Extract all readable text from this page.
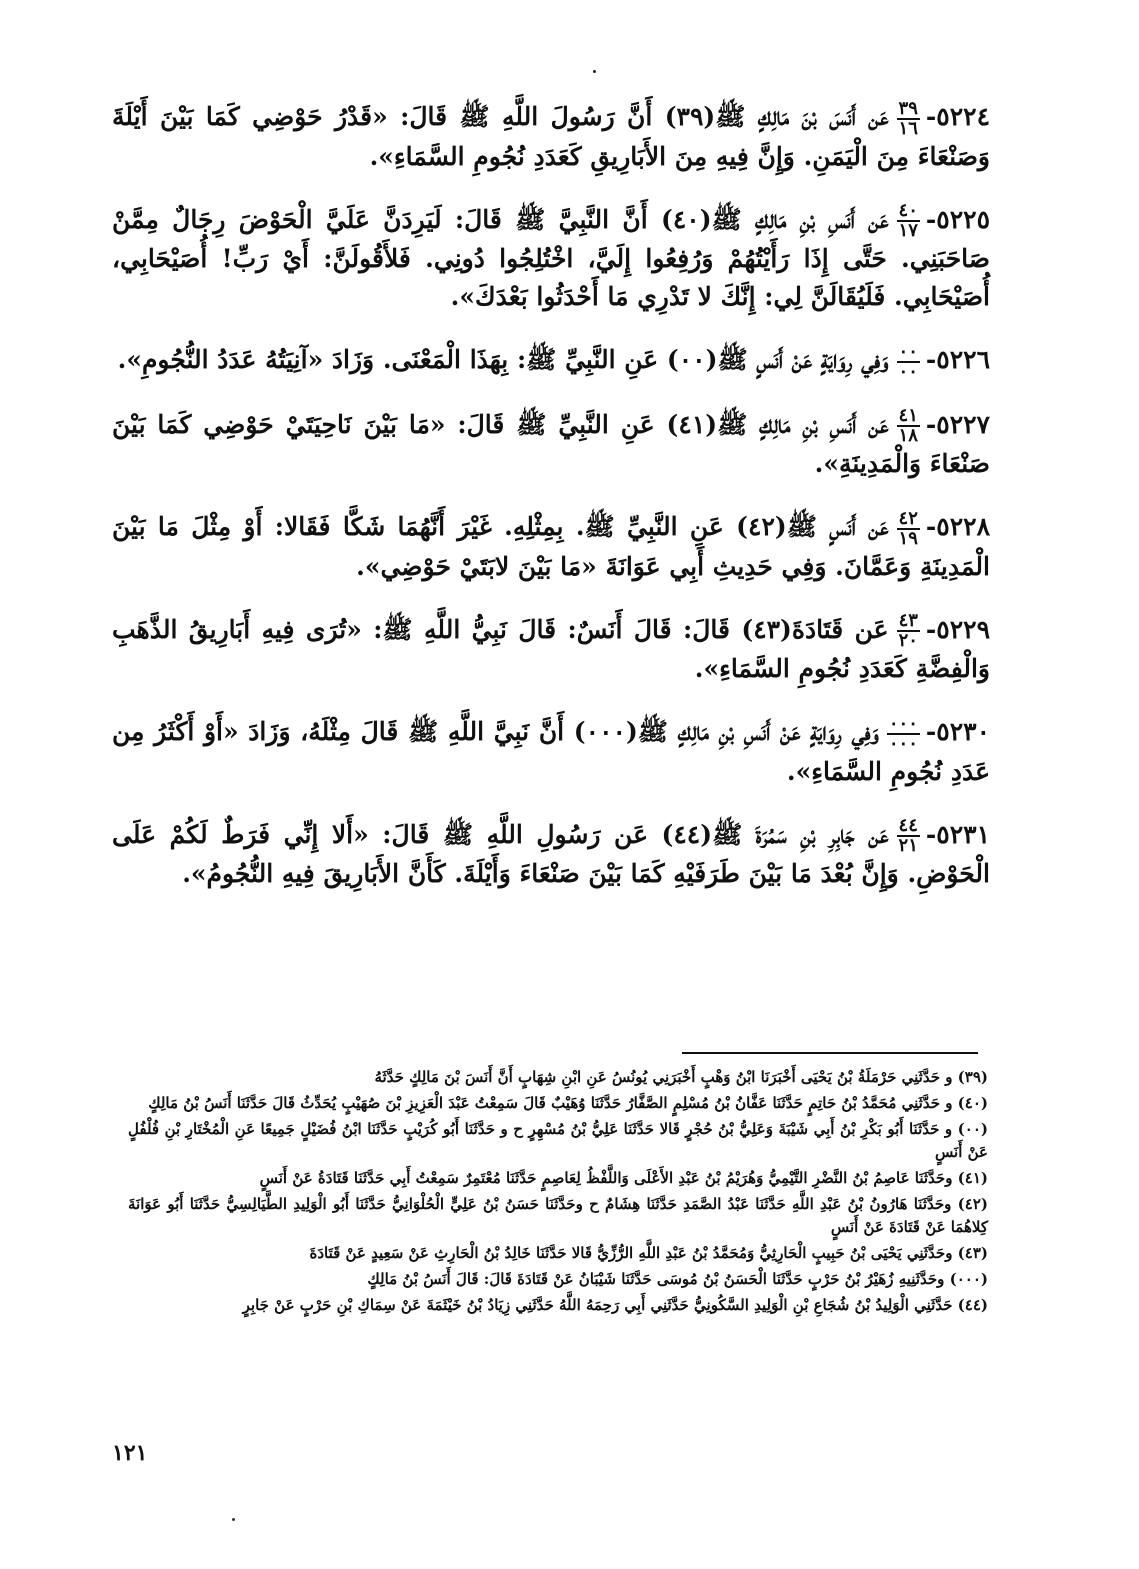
٥٢٢٤-
$\frac{٣٩}{١٦}$
عَن أَنَسَ بْنَ مَالِكٍ ﷺ(٣٩) أَنَّ رَسُولَ اللَّهِ ﷺ قَالَ: «قَدْرُ حَوْضِي كَمَا بَيْنَ أَيْلَةَ وَصَنْعَاءَ مِنَ الْيَمَنِ. وَإِنَّ فِيهِ مِنَ الأَبَارِيقِ كَعَدَدِ نُجُومِ السَّمَاءِ».
٥٢٢٥-
$\frac{٤٠}{١٧}$
عَن أَنَسِ بْنِ مَالِكٍ ﷺ(٤٠) أَنَّ النَّبِيَّ ﷺ قَالَ: لَيَرِدَنَّ عَلَيَّ الْحَوْضَ رِجَالٌ مِمَّنْ صَاحَبَنِي. حَتَّى إِذَا رَأَيْتُهُمْ وَرُفِعُوا إِلَيَّ، اخْتُلِجُوا دُونِي. فَلأَقُولَنَّ: أَيْ رَبِّ! أُصَيْحَابِي، أُصَيْحَابِي. فَلَيُقَالَنَّ لِي: إِنَّكَ لا تَدْرِي مَا أَحْدَثُوا بَعْدَكَ».
٥٢٢٦-
$\frac{٠٠}{٠٠}$
وَفِي رِوَايَةٍ عَنْ أَنَسٍ ﷺ(٠٠) عَنِ النَّبِيِّ ﷺ: بِهَذَا الْمَعْنَى. وَزَادَ «آنِيَتُهُ عَدَدُ النُّجُومِ».
٥٢٢٧-
$\frac{٤١}{١٨}$
عَن أَنَسِ بْنِ مَالِكٍ ﷺ(٤١) عَنِ النَّبِيِّ ﷺ قَالَ: «مَا بَيْنَ نَاحِيَتَيْ حَوْضِي كَمَا بَيْنَ صَنْعَاءَ وَالْمَدِينَةِ».
٥٢٢٨-
$\frac{٤٢}{١٩}$
عَن أَنَسٍ ﷺ(٤٢) عَنِ النَّبِيِّ ﷺ. بِمِثْلِهِ. غَيْرَ أَنَّهُمَا شَكَّا فَقَالا: أَوْ مِثْلَ مَا بَيْنَ الْمَدِينَةِ وَعَمَّانَ. وَفِي حَدِيثِ أَبِي عَوَانَةَ «مَا بَيْنَ لابَتَيْ حَوْضِي».
٥٢٢٩-
$\frac{٤٣}{٢٠}$
عَن قَتَادَةَ(٤٣) قَالَ: قَالَ أَنَسٌ: قَالَ نَبِيُّ اللَّهِ ﷺ: «تُرَى فِيهِ أَبَارِيقُ الذَّهَبِ وَالْفِضَّةِ كَعَدَدِ نُجُومِ السَّمَاءِ».
٥٢٣٠-
$\frac{٠٠٠}{٠٠٠}$
وَفِي رِوَايَةٍ عَنْ أَنَسِ بْنِ مَالِكٍ ﷺ(٠٠٠) أَنَّ نَبِيَّ اللَّهِ ﷺ قَالَ مِثْلَهُ، وَزَادَ «أَوْ أَكْثَرُ مِن عَدَدِ نُجُومِ السَّمَاءِ».
٥٢٣١-
$\frac{٤٤}{٢١}$
عَن جَابِرِ بْنِ سَمُرَةَ ﷺ(٤٤) عَن رَسُولِ اللَّهِ ﷺ قَالَ: «أَلا إِنِّي فَرَطٌ لَكُمْ عَلَى الْحَوْضِ. وَإِنَّ بُعْدَ مَا بَيْنَ طَرَفَيْهِ كَمَا بَيْنَ صَنْعَاءَ وَأَيْلَةَ. كَأَنَّ الأَبَارِيقَ فِيهِ النُّجُومُ».
(٣٩) و حَدَّثَنِي حَرْمَلَةُ بْنُ يَحْيَى أَخْبَرَنَا ابْنُ وَهْبٍ أَخْبَرَنِي يُونُسُ عَنِ ابْنِ شِهَابٍ أَنَّ أَنَسَ بْنَ مَالِكٍ حَدَّثَهُ
(٤٠) و حَدَّثَنِي مُحَمَّدُ بْنُ حَاتِمٍ حَدَّثَنَا عَفَّانُ بْنُ مُسْلِمٍ الصَّفَّارُ حَدَّثَنَا وُهَيْبٌ قَالَ سَمِعْتُ عَبْدَ الْعَزِيزِ بْنَ صُهَيْبٍ يُحَدِّثُ قَالَ حَدَّثَنَا أَنَسُ بْنُ مَالِكٍ
(٠٠) و حَدَّثَنَا أَبُو بَكْرِ بْنُ أَبِي شَيْبَةَ وَعَلِيُّ بْنُ حُجْرٍ قَالا حَدَّثَنَا عَلِيُّ بْنُ مُسْهِرٍ ح و حَدَّثَنَا أَبُو كُرَيْبٍ حَدَّثَنَا ابْنُ فُضَيْلٍ جَمِيعًا عَنِ الْمُخْتَارِ بْنِ فُلْفُلٍ عَنْ أَنَسٍ
(٤١) وحَدَّثَنَا عَاصِمُ بْنُ النَّضْرِ التَّيْمِيُّ وَهُرَيْمُ بْنُ عَبْدِ الأَعْلَى وَاللَّفْظُ لِعَاصِمٍ حَدَّثَنَا مُعْتَمِرٌ سَمِعْتُ أَبِي حَدَّثَنَا قَتَادَةُ عَنْ أَنَسٍ
(٤٢) وحَدَّثَنَا هَارُونُ بْنُ عَبْدِ اللَّهِ حَدَّثَنَا عَبْدُ الصَّمَدِ حَدَّثَنَا هِشَامٌ ح وحَدَّثَنَا حَسَنُ بْنُ عَلِيٍّ الْحُلْوَانِيُّ حَدَّثَنَا أَبُو الْوَلِيدِ الطَّيَالِسِيُّ حَدَّثَنَا أَبُو عَوَانَةَ كِلاهُمَا عَنْ قَتَادَةَ عَنْ أَنَسٍ
(٤٣) وحَدَّثَنِي يَحْيَى بْنُ حَبِيبٍ الْحَارِثِيُّ وَمُحَمَّدُ بْنُ عَبْدِ اللَّهِ الرُّزِّيُّ قَالا حَدَّثَنَا خَالِدُ بْنُ الْحَارِثِ عَنْ سَعِيدٍ عَنْ قَتَادَةَ
(٠٠٠) وحَدَّثَنِيهِ زُهَيْرُ بْنُ حَرْبٍ حَدَّثَنَا الْحَسَنُ بْنُ مُوسَى حَدَّثَنَا شَيْبَانُ عَنْ قَتَادَةَ قَالَ: قَالَ أَنَسُ بْنُ مَالِكٍ
(٤٤) حَدَّثَنِي الْوَلِيدُ بْنُ شُجَاعِ بْنِ الْوَلِيدِ السَّكُونِيُّ حَدَّثَنِي أَبِي رَحِمَهُ اللَّهُ حَدَّثَنِي زِيَادُ بْنُ خَيْثَمَةَ عَنْ سِمَاكِ بْنِ حَرْبٍ عَنْ جَابِرٍ
١٢١
